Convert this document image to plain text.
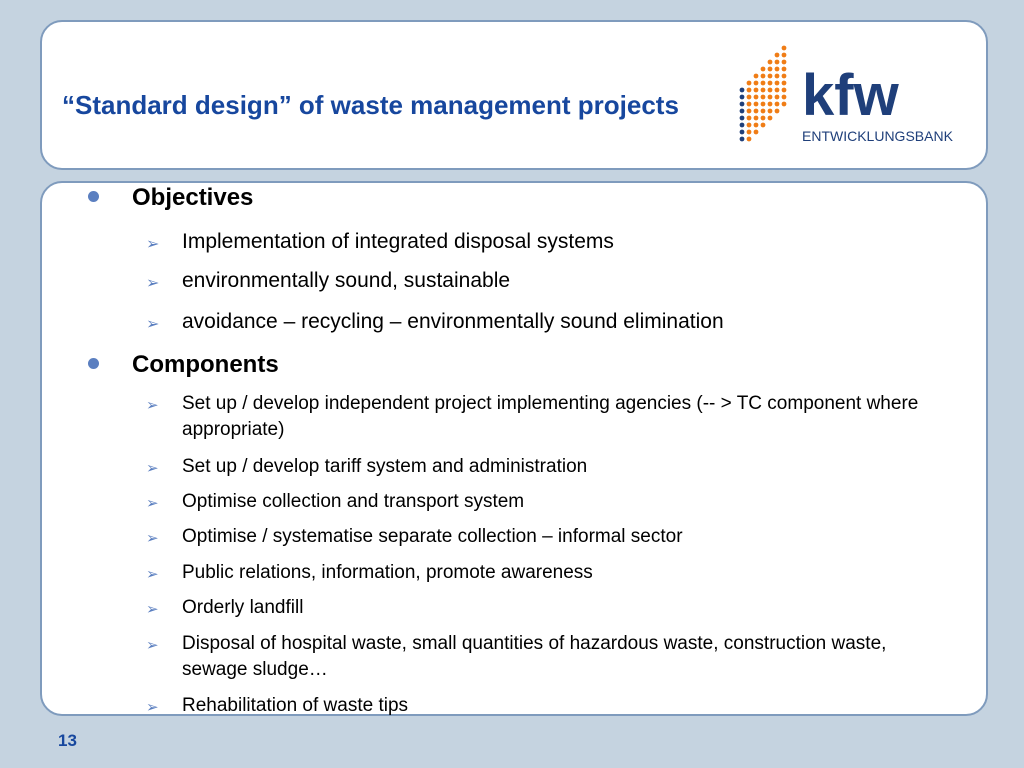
“Standard design” of waste management projects	kfw
ENTWICKLUNGSBANK
Objectives
➢ Implementation of integrated disposal systems
➢ environmentally sound, sustainable
➢ avoidance – recycling – environmentally sound elimination
Components
➢ Set up / develop independent project implementing agencies (-- > TC component where appropriate)
➢ Set up / develop tariff system and administration
➢ Optimise collection and transport system
➢ Optimise / systematise separate collection – informal sector
➢ Public relations, information, promote awareness
➢ Orderly landfill
➢ Disposal of hospital waste, small quantities of hazardous waste, construction waste, sewage sludge…
➢ Rehabilitation of waste tips
13
